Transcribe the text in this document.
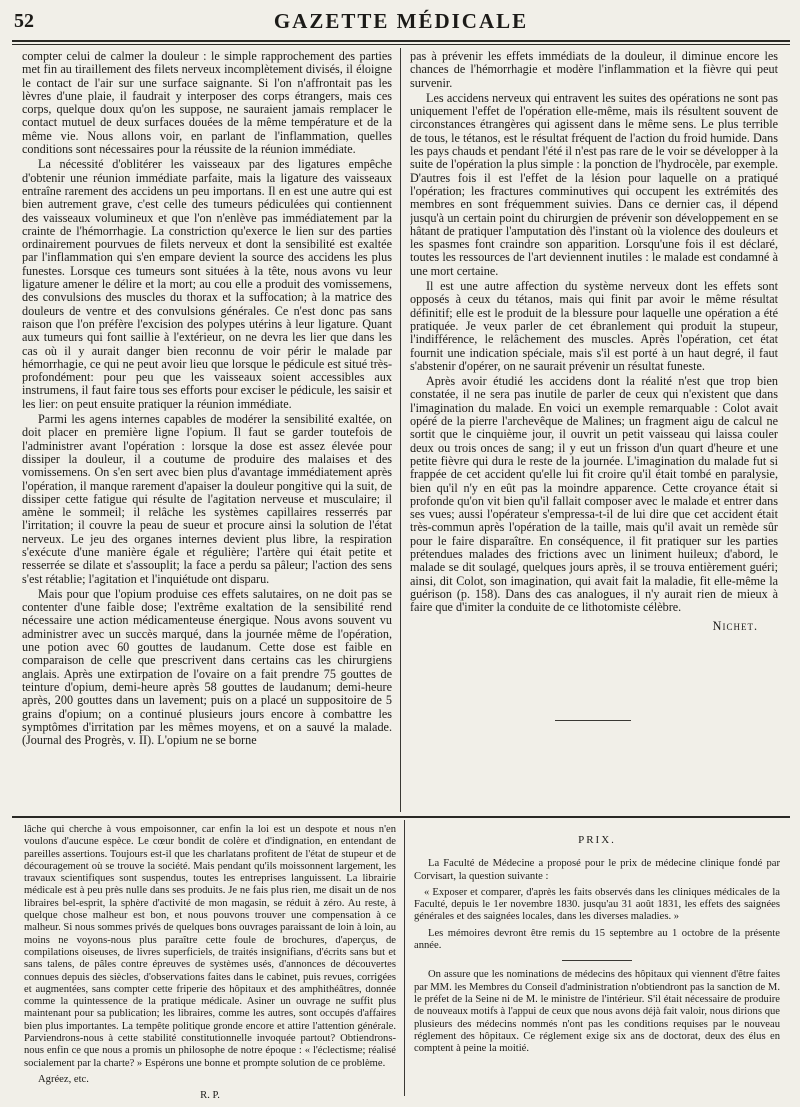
52	GAZETTE MÉDICALE

compter celui de calmer la douleur : le simple rapprochement des parties met fin au tiraillement des filets nerveux incomplètement divisés, il éloigne le contact de l'air sur une surface saignante. Si l'on n'affrontait pas les lèvres d'une plaie, il faudrait y interposer des corps étrangers, mais ces corps, quelque doux qu'on les suppose, ne sauraient jamais remplacer le contact mutuel de deux surfaces douées de la même température et de la même vie. Nous allons voir, en parlant de l'inflammation, quelles conditions sont nécessaires pour la réussite de la réunion immédiate.

La nécessité d'oblitérer les vaisseaux par des ligatures empêche d'obtenir une réunion immédiate parfaite, mais la ligature des vaisseaux entraîne rarement des accidens un peu importans. Il en est une autre qui est bien autrement grave, c'est celle des tumeurs pédiculées qui contiennent des vaisseaux volumineux et que l'on n'enlève pas immédiatement par la crainte de l'hémorrhagie. La constriction qu'exerce le lien sur des parties ordinairement pourvues de filets nerveux et dont la sensibilité est exaltée par l'inflammation qui s'en empare devient la source des accidens les plus funestes. Lorsque ces tumeurs sont situées à la tête, nous avons vu leur ligature amener le délire et la mort; au cou elle a produit des vomissemens, des convulsions des muscles du thorax et la suffocation; à la matrice des douleurs de ventre et des convulsions générales. Ce n'est donc pas sans raison que l'on préfère l'excision des polypes utérins à leur ligature. Quant aux tumeurs qui font saillie à l'extérieur, on ne devra les lier que dans les cas où il y aurait danger bien reconnu de voir périr le malade par hémorrhagie, ce qui ne peut avoir lieu que lorsque le pédicule est situé très-profondément: pour peu que les vaisseaux soient accessibles aux instrumens, il faut faire tous ses efforts pour exciser le pédicule, les saisir et les lier: on peut ensuite pratiquer la réunion immédiate.

Parmi les agens internes capables de modérer la sensibilité exaltée, on doit placer en première ligne l'opium. Il faut se garder toutefois de l'administrer avant l'opération : lorsque la dose est assez élevée pour dissiper la douleur, il a coutume de produire des malaises et des vomissemens. On s'en sert avec bien plus d'avantage immédiatement après l'opération, il manque rarement d'apaiser la douleur pongitive qui la suit, de dissiper cette fatigue qui résulte de l'agitation nerveuse et musculaire; il amène le sommeil; il relâche les systèmes capillaires resserrés par l'irritation; il couvre la peau de sueur et procure ainsi la solution de l'état nerveux. Le jeu des organes internes devient plus libre, la respiration s'exécute d'une manière égale et régulière; l'artère qui était petite et resserrée se dilate et s'assouplit; la face a perdu sa pâleur; l'action des sens s'est rétablie; l'agitation et l'inquiétude ont disparu.

Mais pour que l'opium produise ces effets salutaires, on ne doit pas se contenter d'une faible dose; l'extrême exaltation de la sensibilité rend nécessaire une action médicamenteuse énergique. Nous avons souvent vu administrer avec un succès marqué, dans la journée même de l'opération, une potion avec 60 gouttes de laudanum. Cette dose est faible en comparaison de celle que prescrivent dans certains cas les chirurgiens anglais. Après une extirpation de l'ovaire on a fait prendre 75 gouttes de teinture d'opium, demi-heure après 58 gouttes de laudanum; demi-heure après, 200 gouttes dans un lavement; puis on a placé un suppositoire de 5 grains d'opium; on a continué plusieurs jours encore à combattre les symptômes d'irritation par les mêmes moyens, et on a sauvé la malade. (Journal des Progrès, v. II). L'opium ne se borne

pas à prévenir les effets immédiats de la douleur, il diminue encore les chances de l'hémorrhagie et modère l'inflammation et la fièvre qui peut survenir.

Les accidens nerveux qui entravent les suites des opérations ne sont pas uniquement l'effet de l'opération elle-même, mais ils résultent souvent de circonstances étrangères qui agissent dans le même sens. Le plus terrible de tous, le tétanos, est le résultat fréquent de l'action du froid humide. Dans les pays chauds et pendant l'été il n'est pas rare de le voir se développer à la suite de l'opération la plus simple : la ponction de l'hydrocèle, par exemple. D'autres fois il est l'effet de la lésion pour laquelle on a pratiqué l'opération; les fractures comminutives qui occupent les extrémités des membres en sont fréquemment suivies. Dans ce dernier cas, il dépend jusqu'à un certain point du chirurgien de prévenir son développement en se hâtant de pratiquer l'amputation dès l'instant où la violence des douleurs et les spasmes font craindre son apparition. Lorsqu'une fois il est déclaré, toutes les ressources de l'art deviennent inutiles : le malade est condamné à une mort certaine.

Il est une autre affection du système nerveux dont les effets sont opposés à ceux du tétanos, mais qui finit par avoir le même résultat définitif; elle est le produit de la blessure pour laquelle une opération a été pratiquée. Je veux parler de cet ébranlement qui produit la stupeur, l'indifférence, le relâchement des muscles. Après l'opération, cet état fournit une indication spéciale, mais s'il est porté à un haut degré, il faut s'abstenir d'opérer, on ne saurait prévenir un résultat funeste.

Après avoir étudié les accidens dont la réalité n'est que trop bien constatée, il ne sera pas inutile de parler de ceux qui n'existent que dans l'imagination du malade. En voici un exemple remarquable : Colot avait opéré de la pierre l'archevêque de Malines; un fragment aigu de calcul ne sortit que le cinquième jour, il ouvrit un petit vaisseau qui laissa couler deux ou trois onces de sang; il y eut un frisson d'un quart d'heure et une petite fièvre qui dura le reste de la journée. L'imagination du malade fut si frappée de cet accident qu'elle lui fit croire qu'il était tombé en paralysie, bien qu'il n'y en eût pas la moindre apparence. Cette croyance était si profonde qu'on vit bien qu'il fallait composer avec le malade et entrer dans ses vues; aussi l'opérateur s'empressa-t-il de lui dire que cet accident était très-commun après l'opération de la taille, mais qu'il avait un remède sûr pour le faire disparaître. En conséquence, il fit pratiquer sur les parties prétendues malades des frictions avec un liniment huileux; d'abord, le malade se dit soulagé, quelques jours après, il se trouva entièrement guéri; ainsi, dit Colot, son imagination, qui avait fait la maladie, fit elle-même la guérison (p. 158). Dans des cas analogues, il n'y aurait rien de mieux à faire que d'imiter la conduite de ce lithotomiste célèbre.

Nichet.

lâche qui cherche à vous empoisonner, car enfin la loi est un despote et nous n'en voulons d'aucune espèce. Le cœur bondit de colère et d'indignation, en entendant de pareilles assertions. Toujours est-il que les charlatans profitent de l'état de stupeur et de découragement où se trouve la société. Mais pendant qu'ils moissonnent largement, les travaux scientifiques sont suspendus, toutes les entreprises languissent. La librairie médicale est à peu près nulle dans ses produits. Je ne fais plus rien, me disait un de nos libraires bel-esprit, la sphère d'activité de mon magasin, se réduit à zéro. Au reste, à quelque chose malheur est bon, et nous pouvons trouver une compensation à ce malheur. Si nous sommes privés de quelques bons ouvrages paraissant de loin à loin, au moins ne voyons-nous plus paraître cette foule de brochures, d'aperçus, de compilations oiseuses, de livres superficiels, de traités insignifians, d'écrits sans but et sans talens, de pâles contre épreuves de systèmes usés, d'annonces de découvertes connues depuis des siècles, d'observations faites dans le cabinet, puis revues, corrigées et augmentées, sans compter cette friperie des hôpitaux et des amphithéâtres, donnée comme la quintessence de la pratique médicale. Asiner un ouvrage ne suffit plus maintenant pour sa publication; les libraires, comme les autres, sont occupés d'affaires bien plus importantes. La tempête politique gronde encore et attire l'attention générale. Parviendrons-nous à cette stabilité constitutionnelle invoquée partout? Obtiendrons-nous enfin ce que nous a promis un philosophe de notre époque : « l'éclectisme; réalisé socialement par la charte? » Espérons une bonne et prompte solution de ce problème.

Agréez, etc.

R. P.
PRIX.

La Faculté de Médecine a proposé pour le prix de médecine clinique fondé par Corvisart, la question suivante :

« Exposer et comparer, d'après les faits observés dans les cliniques médicales de la Faculté, depuis le 1er novembre 1830. jusqu'au 31 août 1831, les effets des saignées générales et des saignées locales, dans les diverses maladies. »

Les mémoires devront être remis du 15 septembre au 1 octobre de la présente année.

On assure que les nominations de médecins des hôpitaux qui viennent d'être faites par MM. les Membres du Conseil d'administration n'obtiendront pas la sanction de M. le préfet de la Seine ni de M. le ministre de l'intérieur. S'il était nécessaire de produire de nouveaux motifs à l'appui de ceux que nous avons déjà fait valoir, nous dirions que plusieurs des médecins nommés n'ont pas les conditions requises par le nouveau réglement des hôpitaux. Ce réglement exige six ans de doctorat, deux des élus en comptent à peine la moitié.
